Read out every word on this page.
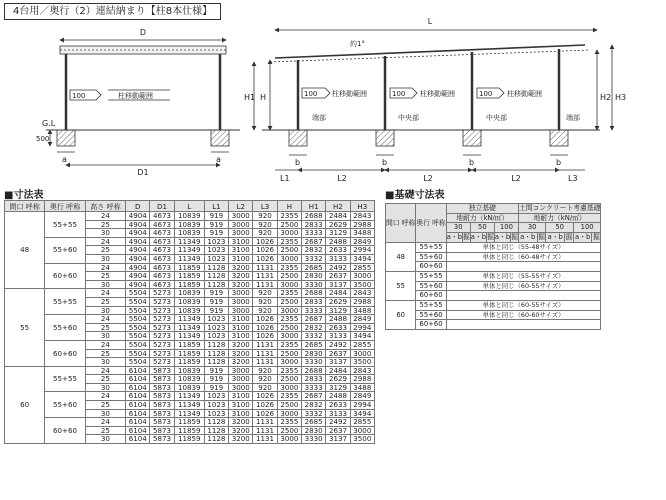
4台用／奥行（2）連結納まり【柱8本仕様】
D
G.L
500
a	a
D1
100	柱移動範囲
L
約1°
H1 H	H2 H3
100 柱移動範囲	100 柱移動範囲	100 柱移動範囲
端部	中央部	中央部	端部
b	b	b	b
L1	L2	L2	L2	L3
■寸法表
間口 呼称	奥行 呼称	高さ 呼称	D	D1	L	L1	L2	L3	H	H1	H2	H3
48	55+55	24	4904	4673	10839	919	3000	920	2355	2688	2484	2843
		25	4904	4673	10839	919	3000	920	2500	2833	2629	2988
		30	4904	4673	10839	919	3000	920	3000	3333	3129	3488
	55+60	24	4904	4673	11349	1023	3100	1026	2355	2687	2488	2849
		25	4904	4673	11349	1023	3100	1026	2500	2832	2633	2994
		30	4904	4673	11349	1023	3100	1026	3000	3332	3133	3494
	60+60	24	4904	4673	11859	1128	3200	1131	2355	2685	2492	2855
		25	4904	4673	11859	1128	3200	1131	2500	2830	2637	3000
		30	4904	4673	11859	1128	3200	1131	3000	3330	3137	3500
55	55+55	24	5504	5273	10839	919	3000	920	2355	2688	2484	2843
		25	5504	5273	10839	919	3000	920	2500	2833	2629	2988
		30	5504	5273	10839	919	3000	920	3000	3333	3129	3488
	55+60	24	5504	5273	11349	1023	3100	1026	2355	2687	2488	2849
		25	5504	5273	11349	1023	3100	1026	2500	2832	2633	2994
		30	5504	5273	11349	1023	3100	1026	3000	3332	3133	3494
	60+60	24	5504	5273	11859	1128	3200	1131	2355	2685	2492	2855
		25	5504	5273	11859	1128	3200	1131	2500	2830	2637	3000
		30	5504	5273	11859	1128	3200	1131	3000	3330	3137	3500
60	55+55	24	6104	5873	10839	919	3000	920	2355	2688	2484	2843
		25	6104	5873	10839	919	3000	920	2500	2833	2629	2988
		30	6104	5873	10839	919	3000	920	3000	3333	3129	3488
	55+60	24	6104	5873	11349	1023	3100	1026	2355	2687	2488	2849
		25	6104	5873	11349	1023	3100	1026	2500	2832	2633	2994
		30	6104	5873	11349	1023	3100	1026	3000	3332	3133	3494
	60+60	24	6104	5873	11859	1128	3200	1131	2355	2685	2492	2855
		25	6104	5873	11859	1128	3200	1131	2500	2830	2637	3000
		30	6104	5873	11859	1128	3200	1131	3000	3330	3137	3500
■基礎寸法表
間口 呼称	奥行 呼称	独立基礎						土間コンクリート考慮基礎					
		地耐力（kN/㎡）						地耐力（kN/㎡）					
		30		50		100		30		50		100	
		a・b	掘	a・b	掘	a・b	掘	a・b	掘	a・b	掘	a・b	掘
48	55+55	単体と同じ（55-48サイズ）											
	55+60	単体と同じ（60-48サイズ）											
	60+60												
55	55+55	単体と同じ（55-55サイズ）											
	55+60	単体と同じ（60-55サイズ）											
	60+60												
60	55+55	単体と同じ（60-55サイズ）											
	55+60	単体と同じ（60-60サイズ）											
	60+60												
